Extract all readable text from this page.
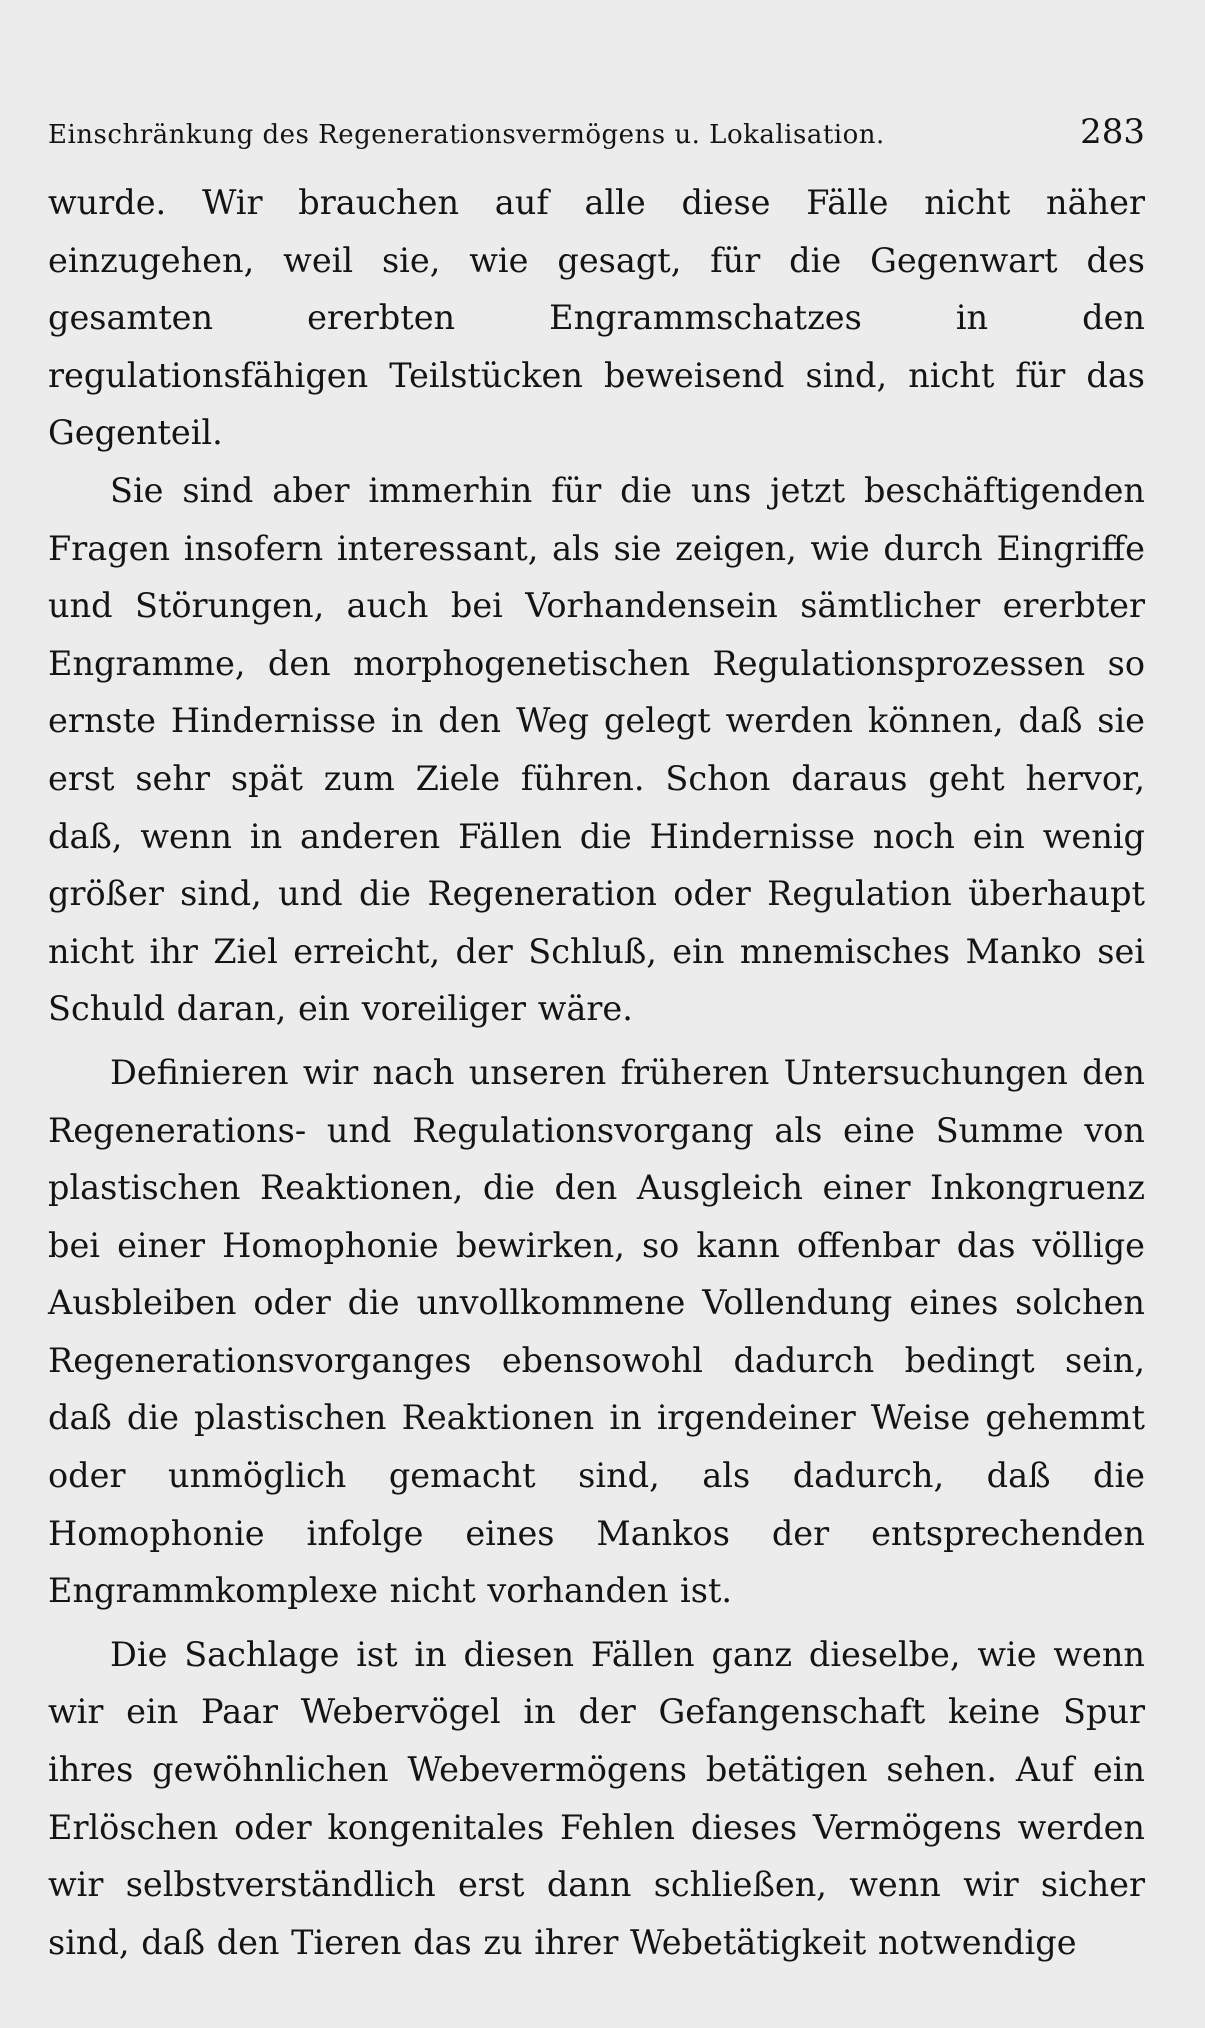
Einschränkung des Regenerationsvermögens u. Lokalisation.	283

wurde. Wir brauchen auf alle diese Fälle nicht näher einzugehen, weil sie, wie gesagt, für die Gegenwart des gesamten ererbten Engrammschatzes in den regulationsfähigen Teilstücken beweisend sind, nicht für das Gegenteil.

Sie sind aber immerhin für die uns jetzt beschäftigenden Fragen insofern interessant, als sie zeigen, wie durch Eingriffe und Störungen, auch bei Vorhandensein sämtlicher ererbter Engramme, den morphogenetischen Regulationsprozessen so ernste Hindernisse in den Weg gelegt werden können, daß sie erst sehr spät zum Ziele führen. Schon daraus geht hervor, daß, wenn in anderen Fällen die Hindernisse noch ein wenig größer sind, und die Regeneration oder Regulation überhaupt nicht ihr Ziel erreicht, der Schluß, ein mnemisches Manko sei Schuld daran, ein voreiliger wäre.

Definieren wir nach unseren früheren Untersuchungen den Regenerations- und Regulationsvorgang als eine Summe von plastischen Reaktionen, die den Ausgleich einer Inkongruenz bei einer Homophonie bewirken, so kann offenbar das völlige Ausbleiben oder die unvollkommene Vollendung eines solchen Regenerationsvorganges ebensowohl dadurch bedingt sein, daß die plastischen Reaktionen in irgendeiner Weise gehemmt oder unmöglich gemacht sind, als dadurch, daß die Homophonie infolge eines Mankos der entsprechenden Engrammkomplexe nicht vorhanden ist.

Die Sachlage ist in diesen Fällen ganz dieselbe, wie wenn wir ein Paar Webervögel in der Gefangenschaft keine Spur ihres gewöhnlichen Webevermögens betätigen sehen. Auf ein Erlöschen oder kongenitales Fehlen dieses Vermögens werden wir selbstverständlich erst dann schließen, wenn wir sicher sind, daß den Tieren das zu ihrer Webetätigkeit notwendige
